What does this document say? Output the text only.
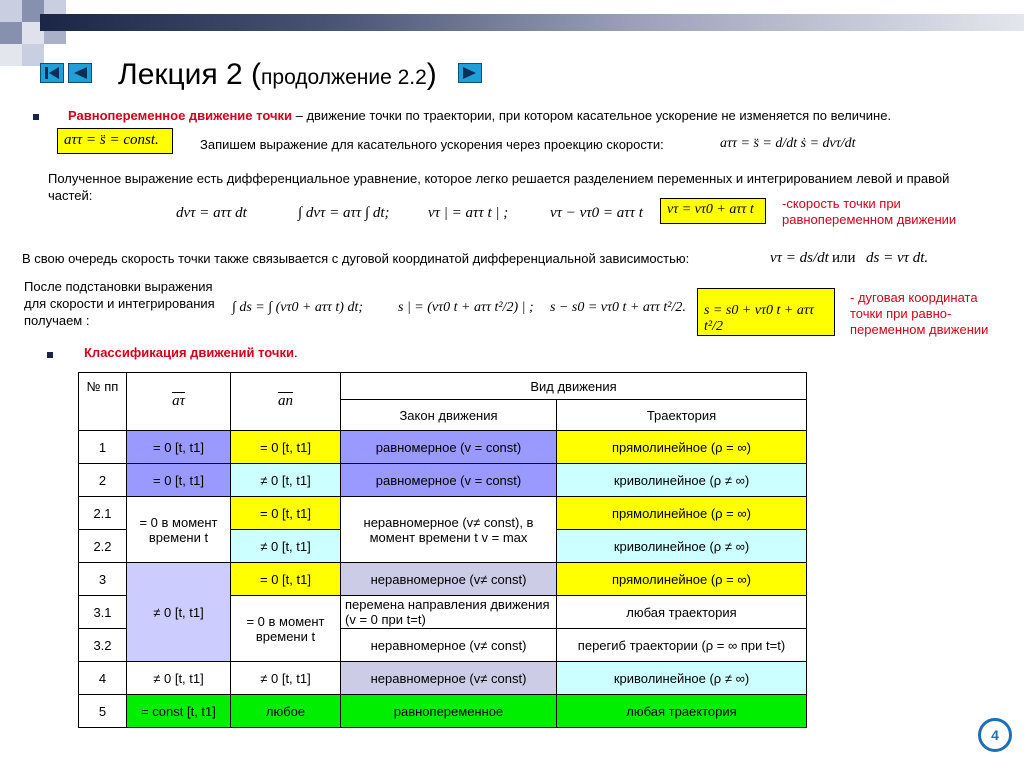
Лекция 2 (продолжение 2.2)
Равнопеременное движение точки – движение точки по траектории, при котором касательное ускорение не изменяется по величине.
aττ = s̈ = const.	Запишем выражение для касательного ускорения через проекцию скорости:	aττ = s̈ = d/dt ṡ = dvτ/dt
Полученное выражение есть дифференциальное уравнение, которое легко решается разделением переменных и интегрированием левой и правой частей:
dvτ = aττ dt	∫ dvτ = aττ ∫ dt;	vτ | = aττ t | ;	vτ − vτ0 = aττ t	vτ = vτ0 + aττ t	-скорость точки при равнопеременном движении
В свою очередь скорость точки также связывается с дуговой координатой дифференциальной зависимостью:	vτ = ds/dt или ds = vτ dt.
После подстановки выражения для скорости и интегрирования получаем :
∫ ds = ∫ (vτ0 + aττ t) dt; s | = (vτ0 t + aττ t²/2) | ; s − s0 = vτ0 t + aττ t²/2.	s = s0 + vτ0 t + aττ t²/2
- дуговая координата точки при равно-переменном движении
Классификация движений точки.
№ пп	$\overline{a\tau}$	$\overline{an}$	Вид движения	
			Закон движения	Траектория
1	= 0 [t, t1]	= 0 [t, t1]	равномерное (v = const)	прямолинейное (ρ = ∞)
2	= 0 [t, t1]	≠ 0 [t, t1]	равномерное (v = const)	криволинейное (ρ ≠ ∞)
2.1	= 0 в момент времени t	= 0 [t, t1]	неравномерное (v≠ const), в момент времени t v = max	прямолинейное (ρ = ∞)
2.2		≠ 0 [t, t1]		криволинейное (ρ ≠ ∞)
3	≠ 0 [t, t1]	= 0 [t, t1]	неравномерное (v≠ const)	прямолинейное (ρ = ∞)
3.1		= 0 в момент времени t	перемена направления движения (v = 0 при t=t)	любая траектория
3.2			неравномерное (v≠ const)	перегиб траектории (ρ = ∞ при t=t)
4	≠ 0 [t, t1]	≠ 0 [t, t1]	неравномерное (v≠ const)	криволинейное (ρ ≠ ∞)
5	= const [t, t1]	любое	равнопеременное	любая траектория
4
